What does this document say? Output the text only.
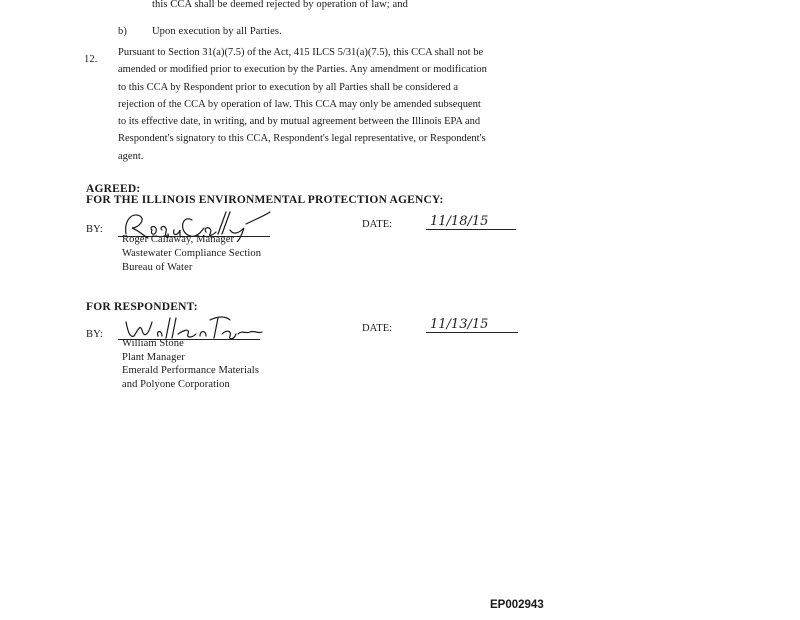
this CCA shall be deemed rejected by operation of law; and
b) Upon execution by all Parties.
12.
Pursuant to Section 31(a)(7.5) of the Act, 415 ILCS 5/31(a)(7.5), this CCA shall not be
amended or modified prior to execution by the Parties. Any amendment or modification
to this CCA by Respondent prior to execution by all Parties shall be considered a
rejection of the CCA by operation of law. This CCA may only be amended subsequent
to its effective date, in writing, and by mutual agreement between the Illinois EPA and
Respondent's signatory to this CCA, Respondent's legal representative, or Respondent's
agent.
AGREED:
FOR THE ILLINOIS ENVIRONMENTAL PROTECTION AGENCY:
BY:
Roger Callaway, Manager
Wastewater Compliance Section
Bureau of Water
DATE:	11/18/15
FOR RESPONDENT:
BY:
William Stone
Plant Manager
Emerald Performance Materials
and Polyone Corporation
DATE:	11/13/15
EP002943
